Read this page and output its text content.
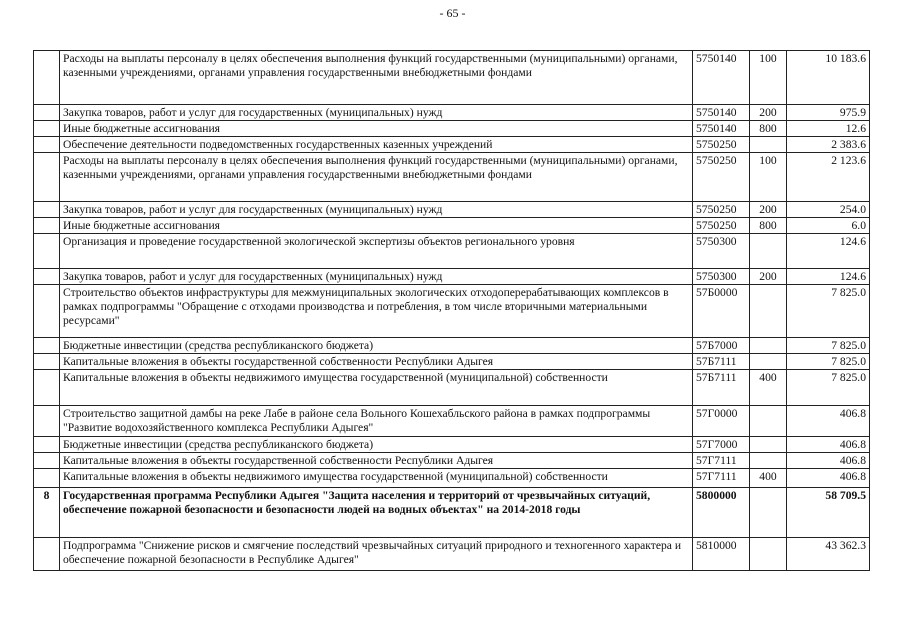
- 65 -
	Расходы на выплаты персоналу в целях обеспечения выполнения функций государственными (муниципальными) органами, казенными учреждениями, органами управления государственными внебюджетными фондами	5750140	100	10 183.6
	Закупка товаров, работ и услуг для государственных (муниципальных) нужд	5750140	200	975.9
	Иные бюджетные ассигнования	5750140	800	12.6
	Обеспечение деятельности подведомственных государственных казенных учреждений	5750250		2 383.6
	Расходы на выплаты персоналу в целях обеспечения выполнения функций государственными (муниципальными) органами, казенными учреждениями, органами управления государственными внебюджетными фондами	5750250	100	2 123.6
	Закупка товаров, работ и услуг для государственных (муниципальных) нужд	5750250	200	254.0
	Иные бюджетные ассигнования	5750250	800	6.0
	Организация и проведение государственной экологической экспертизы объектов регионального уровня	5750300		124.6
	Закупка товаров, работ и услуг для государственных (муниципальных) нужд	5750300	200	124.6
	Строительство объектов инфраструктуры для межмуниципальных экологических отходоперерабатывающих комплексов в рамках подпрограммы "Обращение с отходами производства и потребления, в том числе вторичными материальными ресурсами"	57Б0000		7 825.0
	Бюджетные инвестиции (средства республиканского бюджета)	57Б7000		7 825.0
	Капитальные вложения в объекты государственной собственности Республики Адыгея	57Б7111		7 825.0
	Капитальные вложения в объекты недвижимого имущества государственной (муниципальной) собственности	57Б7111	400	7 825.0
	Строительство защитной дамбы на реке Лабе в районе села Вольного Кошехабльского района в рамках подпрограммы "Развитие водохозяйственного комплекса Республики Адыгея"	57Г0000		406.8
	Бюджетные инвестиции (средства республиканского бюджета)	57Г7000		406.8
	Капитальные вложения в объекты государственной собственности Республики Адыгея	57Г7111		406.8
	Капитальные вложения в объекты недвижимого имущества государственной (муниципальной) собственности	57Г7111	400	406.8
8	Государственная программа Республики Адыгея "Защита населения и территорий от чрезвычайных ситуаций, обеспечение пожарной безопасности и безопасности людей на водных объектах" на 2014-2018 годы	5800000		58 709.5
	Подпрограмма "Снижение рисков и смягчение последствий чрезвычайных ситуаций природного и техногенного характера и обеспечение пожарной безопасности в Республике Адыгея"	5810000		43 362.3
